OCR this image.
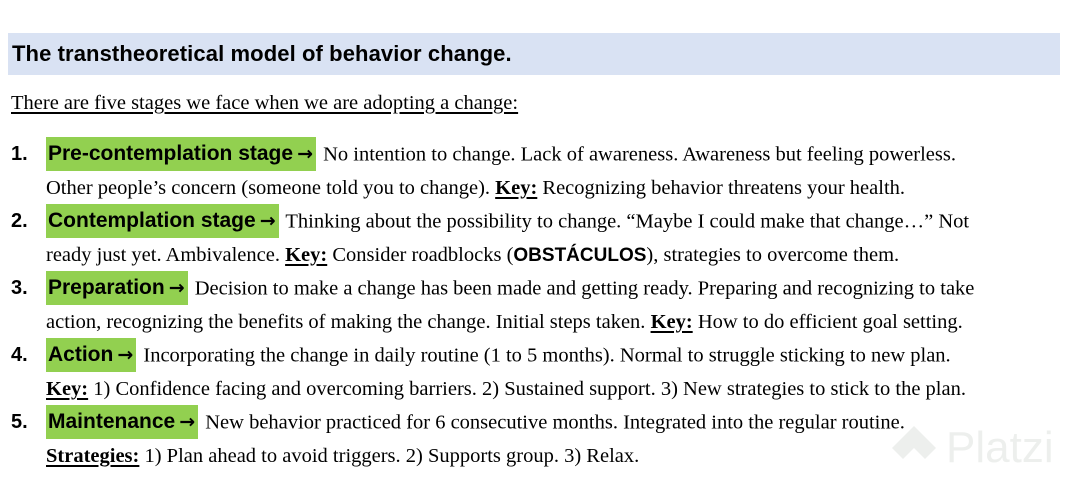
The transtheoretical model of behavior change.
There are five stages we face when we are adopting a change:
1. Pre-contemplation stage → No intention to change. Lack of awareness. Awareness but feeling powerless.
Other people’s concern (someone told you to change). Key: Recognizing behavior threatens your health.
2. Contemplation stage → Thinking about the possibility to change. “Maybe I could make that change…” Not
ready just yet. Ambivalence. Key: Consider roadblocks (OBSTÁCULOS), strategies to overcome them.
3. Preparation → Decision to make a change has been made and getting ready. Preparing and recognizing to take
action, recognizing the benefits of making the change. Initial steps taken. Key: How to do efficient goal setting.
4. Action → Incorporating the change in daily routine (1 to 5 months). Normal to struggle sticking to new plan.
Key: 1) Confidence facing and overcoming barriers. 2) Sustained support. 3) New strategies to stick to the plan.
5. Maintenance → New behavior practiced for 6 consecutive months. Integrated into the regular routine.
Strategies: 1) Plan ahead to avoid triggers. 2) Supports group. 3) Relax.	Platzi
